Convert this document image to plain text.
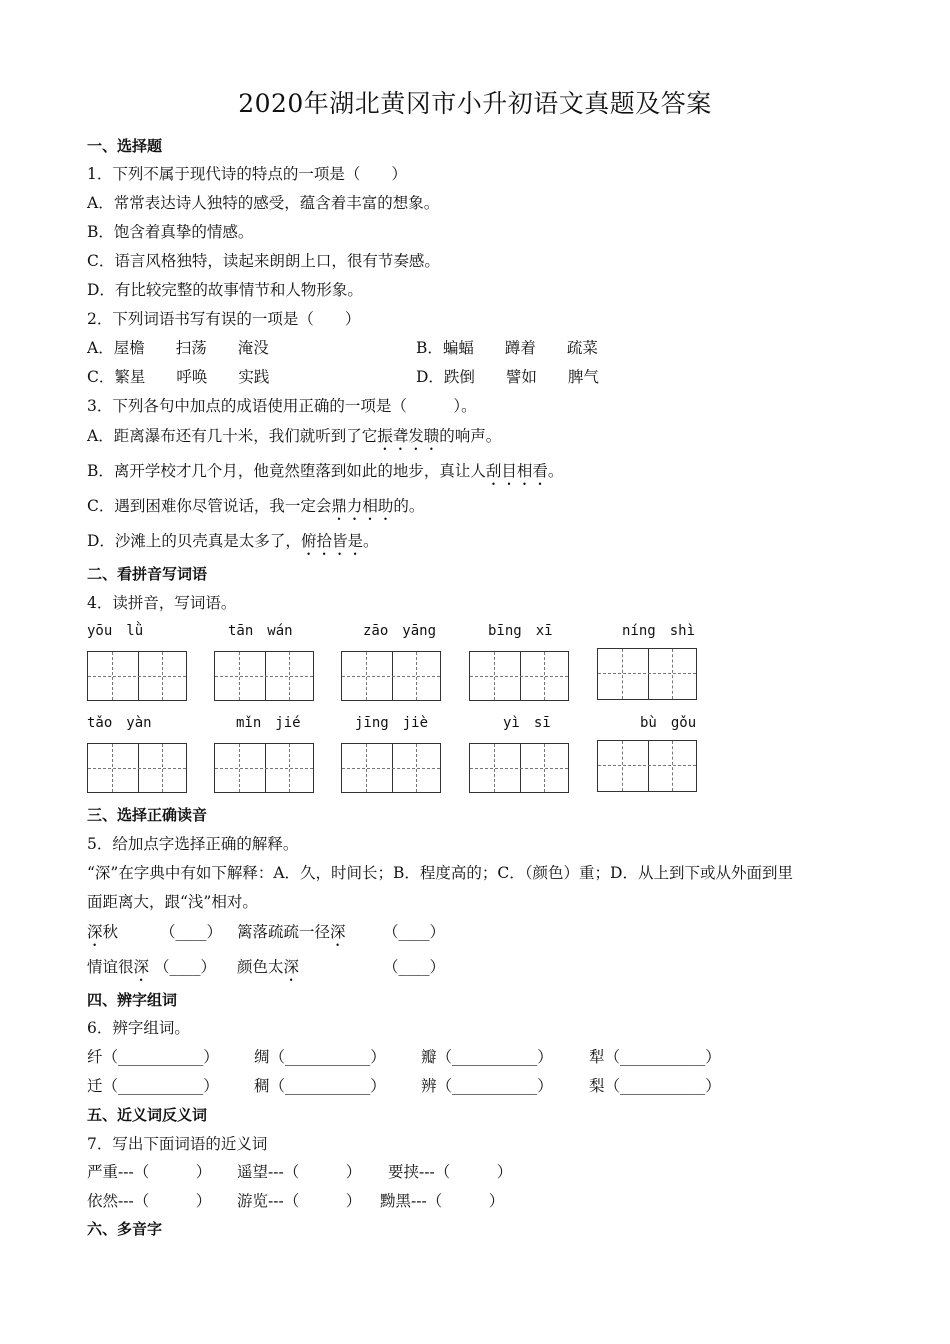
2020年湖北黄冈市小升初语文真题及答案
一、选择题
1．下列不属于现代诗的特点的一项是（　　）
A．常常表达诗人独特的感受，蕴含着丰富的想象。
B．饱含着真挚的情感。
C．语言风格独特，读起来朗朗上口，很有节奏感。
D．有比较完整的故事情节和人物形象。
2．下列词语书写有误的一项是（　　）
A．屋檐　　扫荡　　淹没	B．蝙蝠　　蹲着　　疏菜
C．繁星　　呼唤　　实践	D．跌倒　　譬如　　脾气
3．下列各句中加点的成语使用正确的一项是（　　　）。
A．距离瀑布还有几十米，我们就听到了它振聋发聩的响声。
B．离开学校才几个月，他竟然堕落到如此的地步，真让人刮目相看。
C．遇到困难你尽管说话，我一定会鼎力相助的。
D．沙滩上的贝壳真是太多了，俯拾皆是。
二、看拼音写词语
4．读拼音，写词语。
yōu　lǜ	tān　wán	zāo　yāng	bīng　xī	níng　shì
tǎo　yàn	mǐn　jié	jīng　jiè	yì　sī	bù　gǒu
三、选择正确读音
5．给加点字选择正确的解释。
“深”在字典中有如下解释：A．久，时间长；B．程度高的；C．（颜色）重；D．从上到下或从外面到里
面距离大，跟“浅”相对。
深秋	（____） 篱落疏疏一径深 （____）
情谊很深 （____） 颜色太深	（____）
四、辨字组词
6．辨字组词。
纤（___________） 绸（___________） 瓣（___________） 犁（___________）
迁（___________） 稠（___________） 辨（___________） 梨（___________）
五、近义词反义词
7．写出下面词语的近义词
严重---（　　　） 遥望---（　　　） 要挟---（　　　）
依然---（　　　） 游览---（　　　） 黝黑---（　　　）
六、多音字
